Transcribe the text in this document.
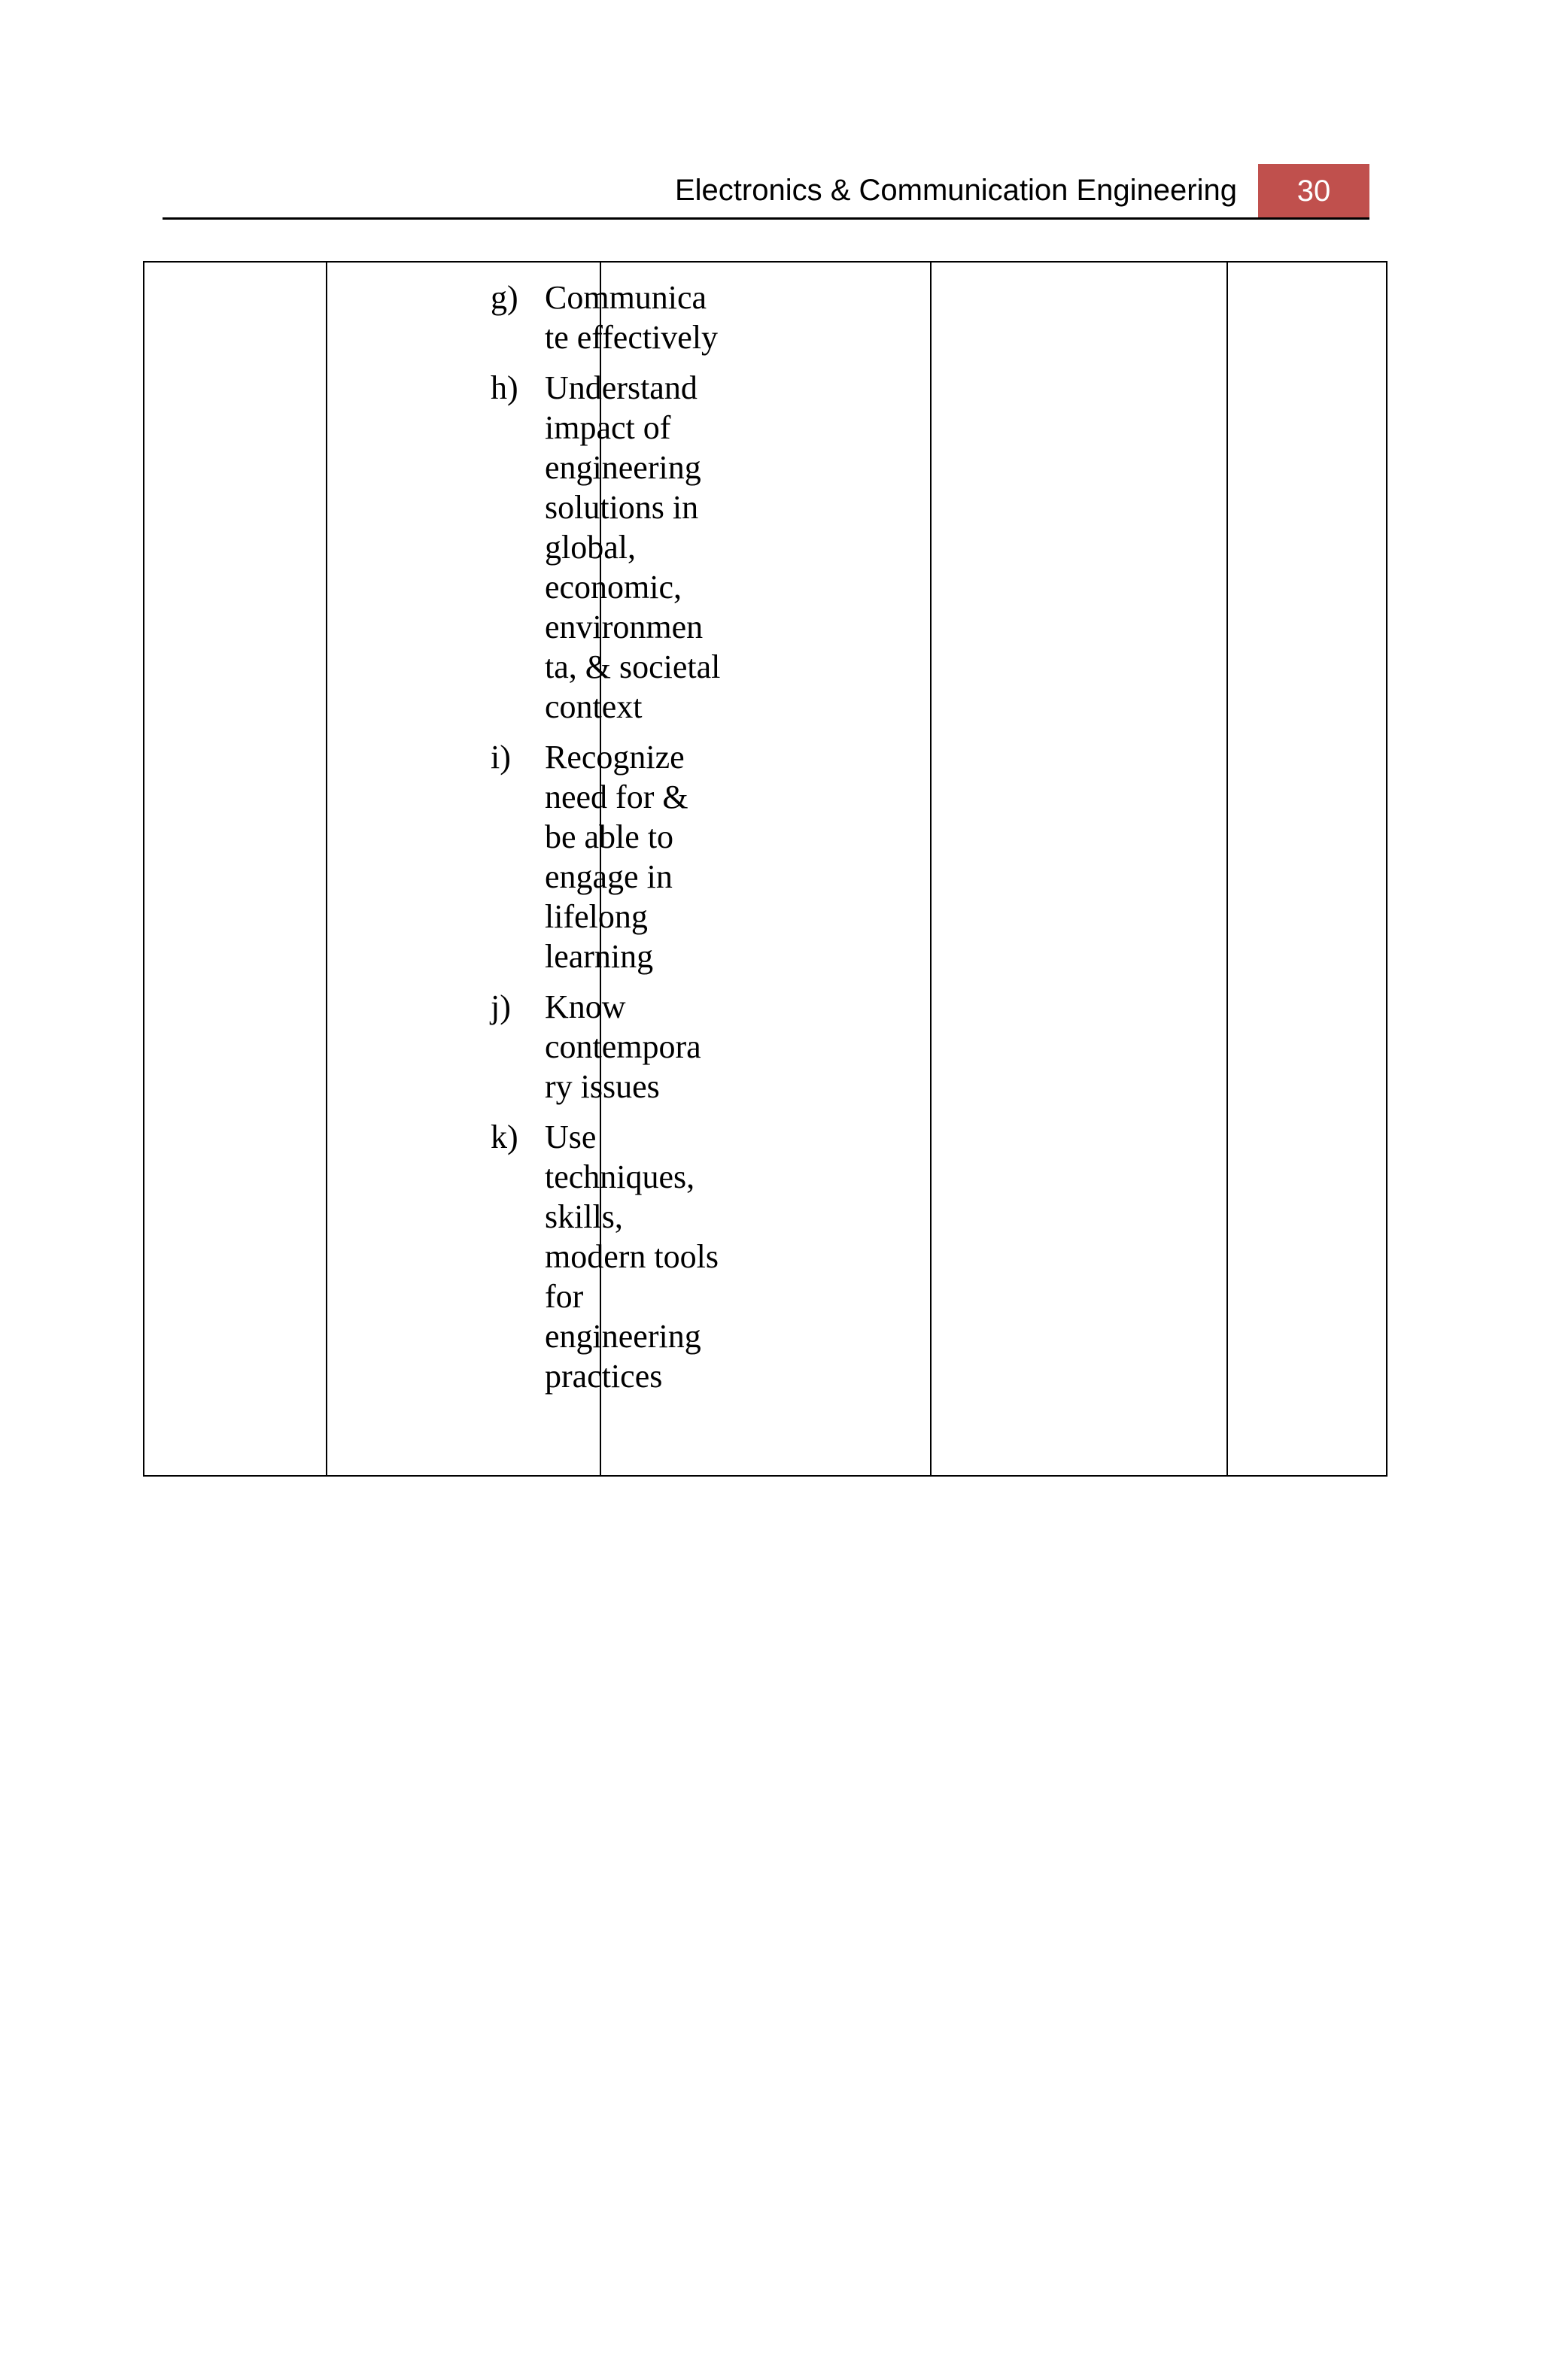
Electronics & Communication Engineering	30
g) Communica te effectively
h) Understand impact of engineering solutions in global, economic, environmen ta, & societal context
i)	Recognize need for & be able to engage in lifelong learning
j)	Know contempora ry issues
k) Use techniques, skills, modern tools for engineering practices
